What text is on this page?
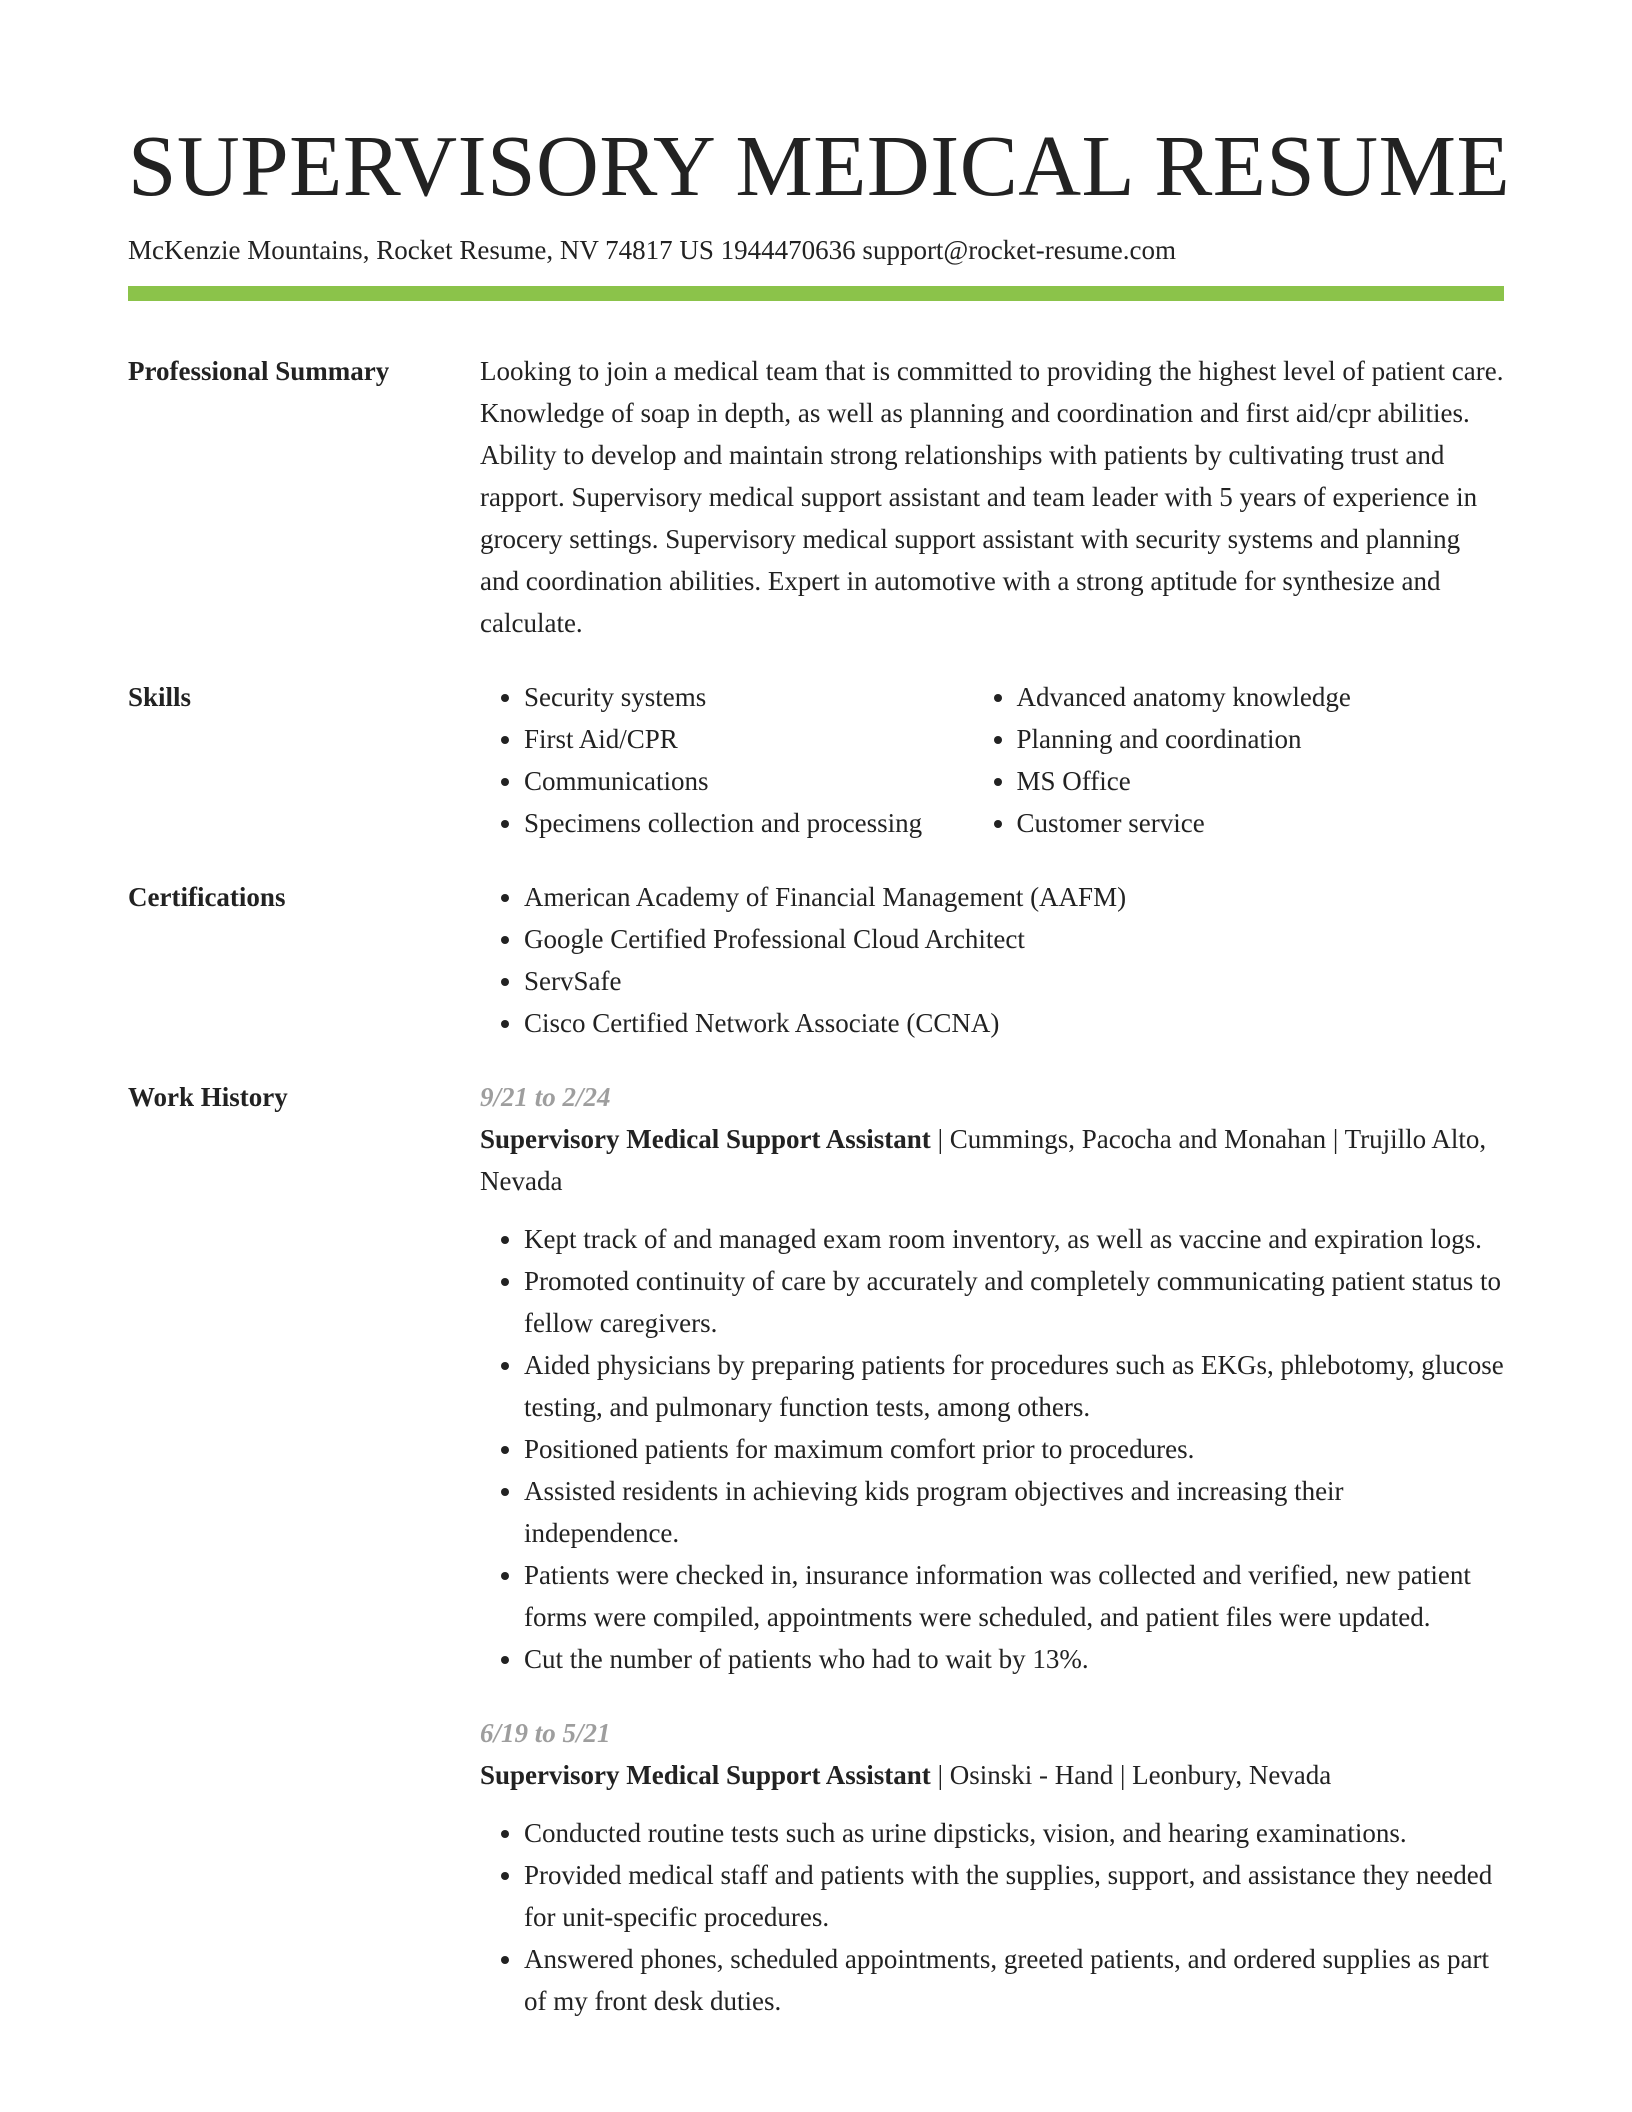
SUPERVISORY MEDICAL RESUME
McKenzie Mountains, Rocket Resume, NV 74817 US 1944470636 support@rocket-resume.com
Professional Summary	Looking to join a medical team that is committed to providing the highest level of patient care. Knowledge of soap in depth, as well as planning and coordination and first aid/cpr abilities. Ability to develop and maintain strong relationships with patients by cultivating trust and rapport. Supervisory medical support assistant and team leader with 5 years of experience in grocery settings. Supervisory medical support assistant with security systems and planning and coordination abilities. Expert in automotive with a strong aptitude for synthesize and calculate.

Skills	• Security systems
• First Aid/CPR
• Communications
• Specimens collection and processing
• Advanced anatomy knowledge
• Planning and coordination
• MS Office
• Customer service
Certifications	• American Academy of Financial Management (AAFM)
• Google Certified Professional Cloud Architect
• ServSafe
• Cisco Certified Network Associate (CCNA)
Work History	9/21 to 2/24
Supervisory Medical Support Assistant | Cummings, Pacocha and Monahan | Trujillo Alto, Nevada
• Kept track of and managed exam room inventory, as well as vaccine and expiration logs.
• Promoted continuity of care by accurately and completely communicating patient status to fellow caregivers.
• Aided physicians by preparing patients for procedures such as EKGs, phlebotomy, glucose testing, and pulmonary function tests, among others.
• Positioned patients for maximum comfort prior to procedures.
• Assisted residents in achieving kids program objectives and increasing their independence.
• Patients were checked in, insurance information was collected and verified, new patient forms were compiled, appointments were scheduled, and patient files were updated.
• Cut the number of patients who had to wait by 13%.
6/19 to 5/21
Supervisory Medical Support Assistant | Osinski - Hand | Leonbury, Nevada
• Conducted routine tests such as urine dipsticks, vision, and hearing examinations.
• Provided medical staff and patients with the supplies, support, and assistance they needed for unit-specific procedures.
• Answered phones, scheduled appointments, greeted patients, and ordered supplies as part of my front desk duties.
